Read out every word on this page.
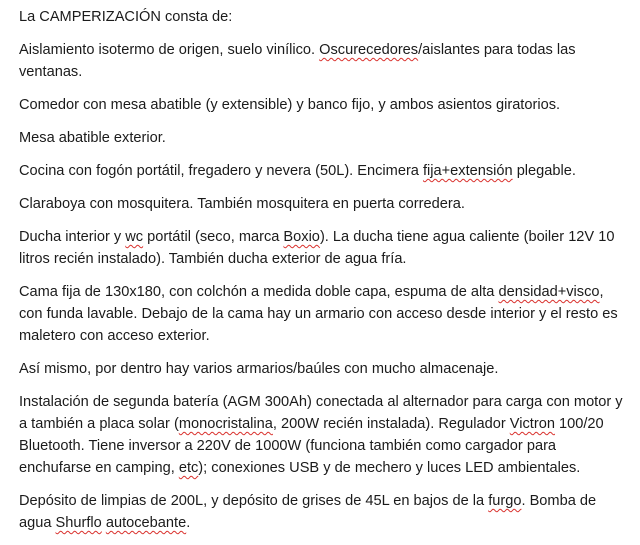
La CAMPERIZACIÓN consta de:

Aislamiento isotermo de origen, suelo vinílico. Oscurecedores/aislantes para todas las ventanas.

Comedor con mesa abatible (y extensible) y banco fijo, y ambos asientos giratorios.

Mesa abatible exterior.

Cocina con fogón portátil, fregadero y nevera (50L). Encimera fija+extensión plegable.

Claraboya con mosquitera. También mosquitera en puerta corredera.

Ducha interior y wc portátil (seco, marca Boxio). La ducha tiene agua caliente (boiler 12V 10 litros recién instalado). También ducha exterior de agua fría.

Cama fija de 130x180, con colchón a medida doble capa, espuma de alta densidad+visco, con funda lavable. Debajo de la cama hay un armario con acceso desde interior y el resto es maletero con acceso exterior.

Así mismo, por dentro hay varios armarios/baúles con mucho almacenaje.

Instalación de segunda batería (AGM 300Ah) conectada al alternador para carga con motor y a también a placa solar (monocristalina, 200W recién instalada). Regulador Victron 100/20 Bluetooth. Tiene inversor a 220V de 1000W (funciona también como cargador para enchufarse en camping, etc); conexiones USB y de mechero y luces LED ambientales.

Depósito de limpias de 200L, y depósito de grises de 45L en bajos de la furgo. Bomba de agua Shurflo autocebante.
